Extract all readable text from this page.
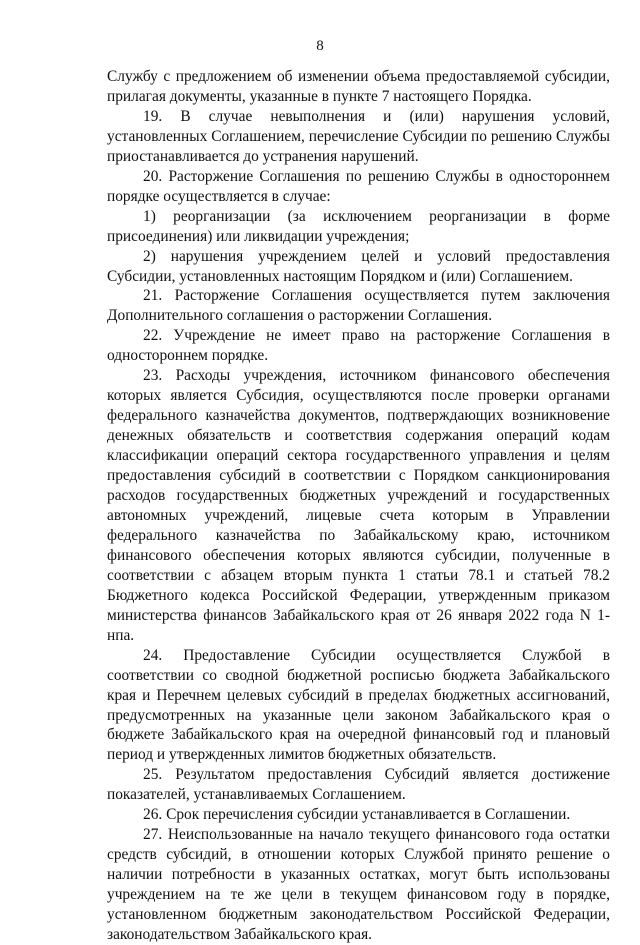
8

Службу с предложением об изменении объема предоставляемой субсидии, прилагая документы, указанные в пункте 7 настоящего Порядка.

19. В случае невыполнения и (или) нарушения условий, установленных Соглашением, перечисление Субсидии по решению Службы приостанавливается до устранения нарушений.

20. Расторжение Соглашения по решению Службы в одностороннем порядке осуществляется в случае:

1) реорганизации (за исключением реорганизации в форме присоединения) или ликвидации учреждения;

2) нарушения учреждением целей и условий предоставления Субсидии, установленных настоящим Порядком и (или) Соглашением.

21. Расторжение Соглашения осуществляется путем заключения Дополнительного соглашения о расторжении Соглашения.

22. Учреждение не имеет право на расторжение Соглашения в одностороннем порядке.

23. Расходы учреждения, источником финансового обеспечения которых является Субсидия, осуществляются после проверки органами федерального казначейства документов, подтверждающих возникновение денежных обязательств и соответствия содержания операций кодам классификации операций сектора государственного управления и целям предоставления субсидий в соответствии с Порядком санкционирования расходов государственных бюджетных учреждений и государственных автономных учреждений, лицевые счета которым в Управлении федерального казначейства по Забайкальскому краю, источником финансового обеспечения которых являются субсидии, полученные в соответствии с абзацем вторым пункта 1 статьи 78.1 и статьей 78.2 Бюджетного кодекса Российской Федерации, утвержденным приказом министерства финансов Забайкальского края от 26 января 2022 года N 1-нпа.

24. Предоставление Субсидии осуществляется Службой в соответствии со сводной бюджетной росписью бюджета Забайкальского края и Перечнем целевых субсидий в пределах бюджетных ассигнований, предусмотренных на указанные цели законом Забайкальского края о бюджете Забайкальского края на очередной финансовый год и плановый период и утвержденных лимитов бюджетных обязательств.

25. Результатом предоставления Субсидий является достижение показателей, устанавливаемых Соглашением.

26. Срок перечисления субсидии устанавливается в Соглашении.

27. Неиспользованные на начало текущего финансового года остатки средств субсидий, в отношении которых Службой принято решение о наличии потребности в указанных остатках, могут быть использованы учреждением на те же цели в текущем финансовом году в порядке, установленном бюджетным законодательством Российской Федерации, законодательством Забайкальского края.
